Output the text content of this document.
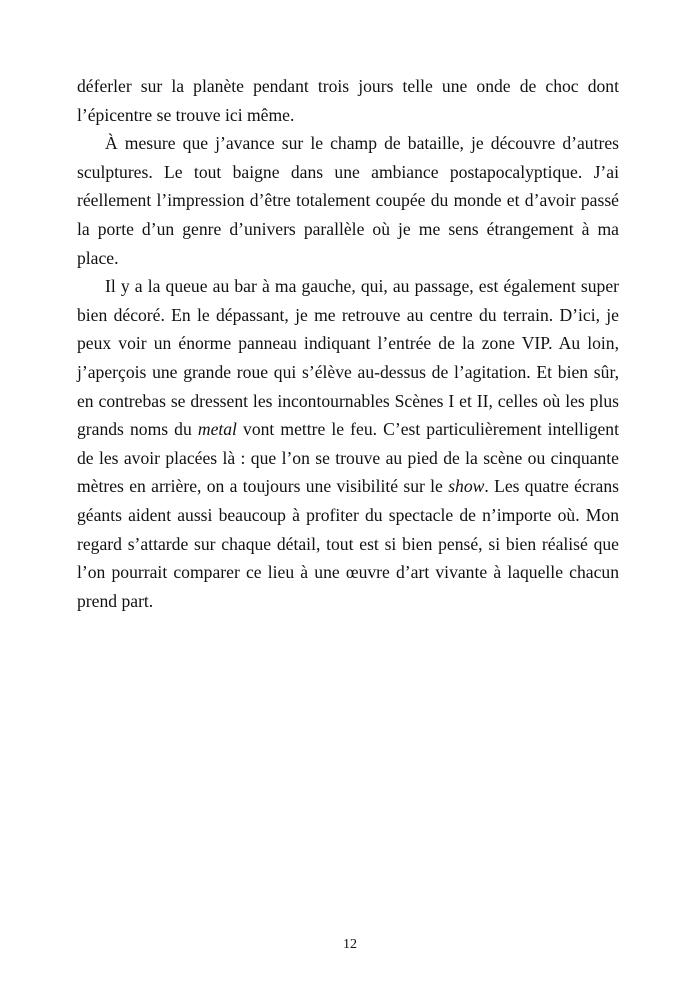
déferler sur la planète pendant trois jours telle une onde de choc dont l’épicentre se trouve ici même.

À mesure que j’avance sur le champ de bataille, je découvre d’autres sculptures. Le tout baigne dans une ambiance postapocalyptique. J’ai réellement l’impression d’être totalement coupée du monde et d’avoir passé la porte d’un genre d’univers parallèle où je me sens étrangement à ma place.

Il y a la queue au bar à ma gauche, qui, au passage, est également super bien décoré. En le dépassant, je me retrouve au centre du terrain. D’ici, je peux voir un énorme panneau indiquant l’entrée de la zone VIP. Au loin, j’aperçois une grande roue qui s’élève au-dessus de l’agitation. Et bien sûr, en contrebas se dressent les incontournables Scènes I et II, celles où les plus grands noms du metal vont mettre le feu. C’est particulièrement intelligent de les avoir placées là : que l’on se trouve au pied de la scène ou cinquante mètres en arrière, on a toujours une visibilité sur le show. Les quatre écrans géants aident aussi beaucoup à profiter du spectacle de n’importe où. Mon regard s’attarde sur chaque détail, tout est si bien pensé, si bien réalisé que l’on pourrait comparer ce lieu à une œuvre d’art vivante à laquelle chacun prend part.

12
